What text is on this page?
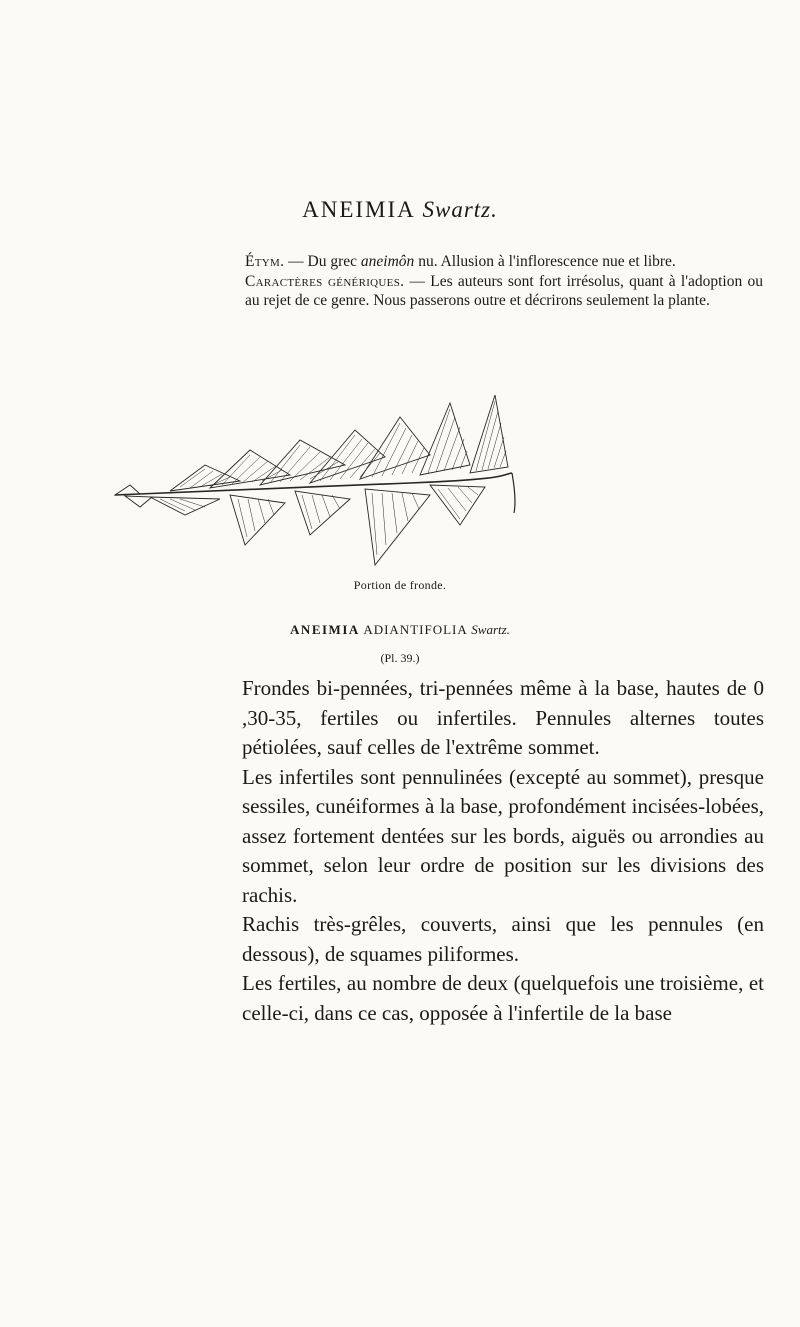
ANEIMIA Swartz.

Étym. — Du grec aneimôn nu. Allusion à l'inflorescence nue et libre.

Caractères génériques. — Les auteurs sont fort irrésolus, quant à l'adoption ou au rejet de ce genre. Nous passerons outre et décrirons seulement la plante.

Portion de fronde.
ANEIMIA ADIANTIFOLIA Swartz.
(Pl. 39.)

Frondes bi-pennées, tri-pennées même à la base, hautes de 0 ,30-35, fertiles ou infertiles. Pennules alternes toutes pétiolées, sauf celles de l'extrême sommet.

Les infertiles sont pennulinées (excepté au sommet), presque sessiles, cunéiformes à la base, profondément incisées-lobées, assez fortement dentées sur les bords, aiguës ou arrondies au sommet, selon leur ordre de position sur les divisions des rachis.

Rachis très-grêles, couverts, ainsi que les pennules (en dessous), de squames piliformes.

Les fertiles, au nombre de deux (quelquefois une troisième, et celle-ci, dans ce cas, opposée à l'infertile de la base
